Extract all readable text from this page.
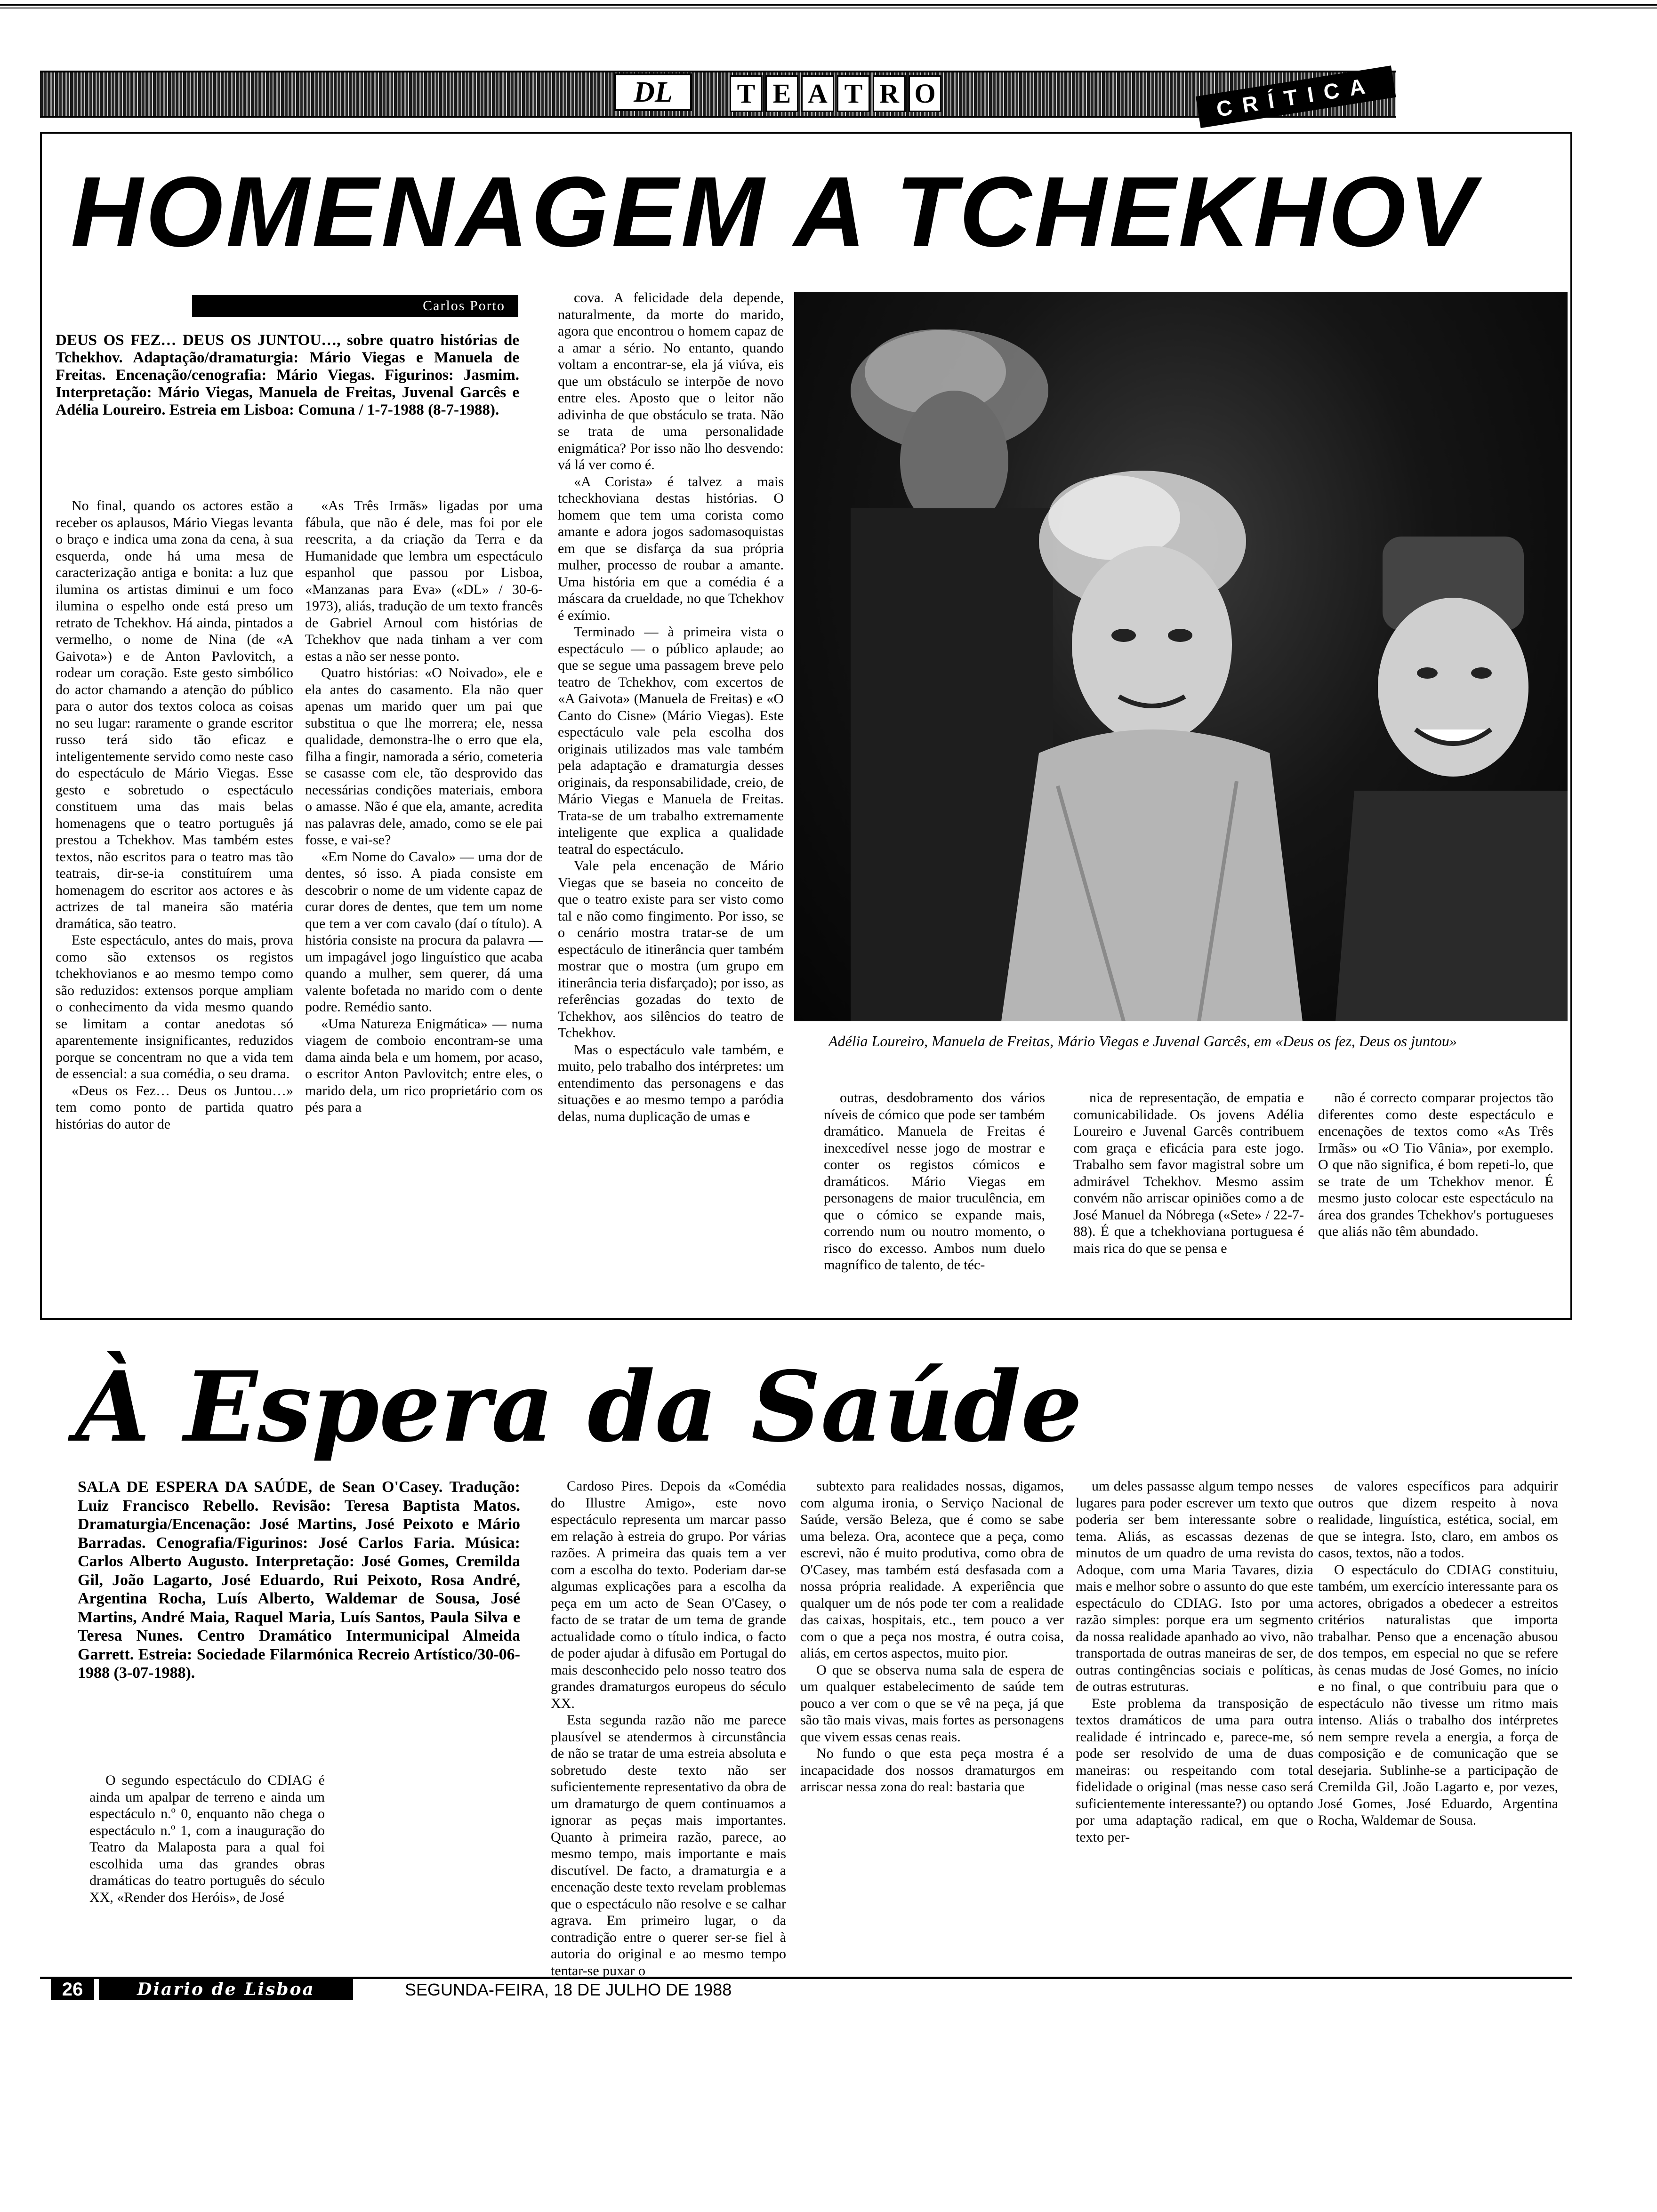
DL	T E A T R O	CRÍTICA
HOMENAGEM A TCHEKHOV
Carlos Porto
DEUS OS FEZ… DEUS OS JUNTOU…, sobre quatro histórias de Tchekhov. Adaptação/dramaturgia: Mário Viegas e Manuela de Freitas. Encenação/cenografia: Mário Viegas. Figurinos: Jasmim. Interpretação: Mário Viegas, Manuela de Freitas, Juvenal Garcês e Adélia Loureiro. Estreia em Lisboa: Comuna / 1-7-1988 (8-7-1988).

No final, quando os actores estão a receber os aplausos, Mário Viegas levanta o braço e indica uma zona da cena, à sua esquerda, onde há uma mesa de caracterização antiga e bonita: a luz que ilumina os artistas diminui e um foco ilumina o espelho onde está preso um retrato de Tchekhov. Há ainda, pintados a vermelho, o nome de Nina (de «A Gaivota») e de Anton Pavlovitch, a rodear um coração. Este gesto simbólico do actor chamando a atenção do público para o autor dos textos coloca as coisas no seu lugar: raramente o grande escritor russo terá sido tão eficaz e inteligentemente servido como neste caso do espectáculo de Mário Viegas. Esse gesto e sobretudo o espectáculo constituem uma das mais belas homenagens que o teatro português já prestou a Tchekhov. Mas também estes textos, não escritos para o teatro mas tão teatrais, dir-se-ia constituírem uma homenagem do escritor aos actores e às actrizes de tal maneira são matéria dramática, são teatro.

Este espectáculo, antes do mais, prova como são extensos os registos tchekhovianos e ao mesmo tempo como são reduzidos: extensos porque ampliam o conhecimento da vida mesmo quando se limitam a contar anedotas só aparentemente insignificantes, reduzidos porque se concentram no que a vida tem de essencial: a sua comédia, o seu drama.

«Deus os Fez… Deus os Juntou…» tem como ponto de partida quatro histórias do autor de

«As Três Irmãs» ligadas por uma fábula, que não é dele, mas foi por ele reescrita, a da criação da Terra e da Humanidade que lembra um espectáculo espanhol que passou por Lisboa, «Manzanas para Eva» («DL» / 30-6-1973), aliás, tradução de um texto francês de Gabriel Arnoul com histórias de Tchekhov que nada tinham a ver com estas a não ser nesse ponto.

Quatro histórias: «O Noivado», ele e ela antes do casamento. Ela não quer apenas um marido quer um pai que substitua o que lhe morrera; ele, nessa qualidade, demonstra-lhe o erro que ela, filha a fingir, namorada a sério, cometeria se casasse com ele, tão desprovido das necessárias condições materiais, embora o amasse. Não é que ela, amante, acredita nas palavras dele, amado, como se ele pai fosse, e vai-se?

«Em Nome do Cavalo» — uma dor de dentes, só isso. A piada consiste em descobrir o nome de um vidente capaz de curar dores de dentes, que tem um nome que tem a ver com cavalo (daí o título). A história consiste na procura da palavra — um impagável jogo linguístico que acaba quando a mulher, sem querer, dá uma valente bofetada no marido com o dente podre. Remédio santo.

«Uma Natureza Enigmática» — numa viagem de comboio encontram-se uma dama ainda bela e um homem, por acaso, o escritor Anton Pavlovitch; entre eles, o marido dela, um rico proprietário com os pés para a

cova. A felicidade dela depende, naturalmente, da morte do marido, agora que encontrou o homem capaz de a amar a sério. No entanto, quando voltam a encontrar-se, ela já viúva, eis que um obstáculo se interpõe de novo entre eles. Aposto que o leitor não adivinha de que obstáculo se trata. Não se trata de uma personalidade enigmática? Por isso não lho desvendo: vá lá ver como é.

«A Corista» é talvez a mais tcheckhoviana destas histórias. O homem que tem uma corista como amante e adora jogos sadomasoquistas em que se disfarça da sua própria mulher, processo de roubar a amante. Uma história em que a comédia é a máscara da crueldade, no que Tchekhov é exímio.

Terminado — à primeira vista o espectáculo — o público aplaude; ao que se segue uma passagem breve pelo teatro de Tchekhov, com excertos de «A Gaivota» (Manuela de Freitas) e «O Canto do Cisne» (Mário Viegas). Este espectáculo vale pela escolha dos originais utilizados mas vale também pela adaptação e dramaturgia desses originais, da responsabilidade, creio, de Mário Viegas e Manuela de Freitas. Trata-se de um trabalho extremamente inteligente que explica a qualidade teatral do espectáculo.

Vale pela encenação de Mário Viegas que se baseia no conceito de que o teatro existe para ser visto como tal e não como fingimento. Por isso, se o cenário mostra tratar-se de um espectáculo de itinerância quer também mostrar que o mostra (um grupo em itinerância teria disfarçado); por isso, as referências gozadas do texto de Tchekhov, aos silêncios do teatro de Tchekhov.

Mas o espectáculo vale também, e muito, pelo trabalho dos intérpretes: um entendimento das personagens e das situações e ao mesmo tempo a paródia delas, numa duplicação de umas e

outras, desdobramento dos vários níveis de cómico que pode ser também dramático. Manuela de Freitas é inexcedível nesse jogo de mostrar e conter os registos cómicos e dramáticos. Mário Viegas em personagens de maior truculência, em que o cómico se expande mais, correndo num ou noutro momento, o risco do excesso. Ambos num duelo magnífico de talento, de téc-

nica de representação, de empatia e comunicabilidade. Os jovens Adélia Loureiro e Juvenal Garcês contribuem com graça e eficácia para este jogo. Trabalho sem favor magistral sobre um admirável Tchekhov. Mesmo assim convém não arriscar opiniões como a de José Manuel da Nóbrega («Sete» / 22-7-88). É que a tchekhoviana portuguesa é mais rica do que se pensa e

não é correcto comparar projectos tão diferentes como deste espectáculo e encenações de textos como «As Três Irmãs» ou «O Tio Vânia», por exemplo. O que não significa, é bom repeti-lo, que se trate de um Tchekhov menor. É mesmo justo colocar este espectáculo na área dos grandes Tchekhov's portugueses que aliás não têm abundado.

Adélia Loureiro, Manuela de Freitas, Mário Viegas e Juvenal Garcês, em «Deus os fez, Deus os juntou»
À Espera da Saúde
SALA DE ESPERA DA SAÚDE, de Sean O'Casey. Tradução: Luiz Francisco Rebello. Revisão: Teresa Baptista Matos. Dramaturgia/Encenação: José Martins, José Peixoto e Mário Barradas. Cenografia/Figurinos: José Carlos Faria. Música: Carlos Alberto Augusto. Interpretação: José Gomes, Cremilda Gil, João Lagarto, José Eduardo, Rui Peixoto, Rosa André, Argentina Rocha, Luís Alberto, Waldemar de Sousa, José Martins, André Maia, Raquel Maria, Luís Santos, Paula Silva e Teresa Nunes. Centro Dramático Intermunicipal Almeida Garrett. Estreia: Sociedade Filarmónica Recreio Artístico/30-06-1988 (3-07-1988).

O segundo espectáculo do CDIAG é ainda um apalpar de terreno e ainda um espectáculo n.º 0, enquanto não chega o espectáculo n.º 1, com a inauguração do Teatro da Malaposta para a qual foi escolhida uma das grandes obras dramáticas do teatro português do século XX, «Render dos Heróis», de José

Cardoso Pires. Depois da «Comédia do Illustre Amigo», este novo espectáculo representa um marcar passo em relação à estreia do grupo. Por várias razões. A primeira das quais tem a ver com a escolha do texto. Poderiam dar-se algumas explicações para a escolha da peça em um acto de Sean O'Casey, o facto de se tratar de um tema de grande actualidade como o título indica, o facto de poder ajudar à difusão em Portugal do mais desconhecido pelo nosso teatro dos grandes dramaturgos europeus do século XX.

Esta segunda razão não me parece plausível se atendermos à circunstância de não se tratar de uma estreia absoluta e sobretudo deste texto não ser suficientemente representativo da obra de um dramaturgo de quem continuamos a ignorar as peças mais importantes. Quanto à primeira razão, parece, ao mesmo tempo, mais importante e mais discutível. De facto, a dramaturgia e a encenação deste texto revelam problemas que o espectáculo não resolve e se calhar agrava. Em primeiro lugar, o da contradição entre o querer ser-se fiel à autoria do original e ao mesmo tempo tentar-se puxar o

subtexto para realidades nossas, digamos, com alguma ironia, o Serviço Nacional de Saúde, versão Beleza, que é como se sabe uma beleza. Ora, acontece que a peça, como escrevi, não é muito produtiva, como obra de O'Casey, mas também está desfasada com a nossa própria realidade. A experiência que qualquer um de nós pode ter com a realidade das caixas, hospitais, etc., tem pouco a ver com o que a peça nos mostra, é outra coisa, aliás, em certos aspectos, muito pior.

O que se observa numa sala de espera de um qualquer estabelecimento de saúde tem pouco a ver com o que se vê na peça, já que são tão mais vivas, mais fortes as personagens que vivem essas cenas reais.

No fundo o que esta peça mostra é a incapacidade dos nossos dramaturgos em arriscar nessa zona do real: bastaria que

um deles passasse algum tempo nesses lugares para poder escrever um texto que poderia ser bem interessante sobre o tema. Aliás, as escassas dezenas de minutos de um quadro de uma revista do Adoque, com uma Maria Tavares, dizia mais e melhor sobre o assunto do que este espectáculo do CDIAG. Isto por uma razão simples: porque era um segmento da nossa realidade apanhado ao vivo, não transportada de outras maneiras de ser, de outras contingências sociais e políticas, de outras estruturas.

Este problema da transposição de textos dramáticos de uma para outra realidade é intrincado e, parece-me, só pode ser resolvido de uma de duas maneiras: ou respeitando com total fidelidade o original (mas nesse caso será suficientemente interessante?) ou optando por uma adaptação radical, em que o texto per-

de valores específicos para adquirir outros que dizem respeito à nova realidade, linguística, estética, social, em que se integra. Isto, claro, em ambos os casos, textos, não a todos.

O espectáculo do CDIAG constituiu, também, um exercício interessante para os actores, obrigados a obedecer a estreitos critérios naturalistas que importa trabalhar. Penso que a encenação abusou dos tempos, em especial no que se refere às cenas mudas de José Gomes, no início e no final, o que contribuiu para que o espectáculo não tivesse um ritmo mais intenso. Aliás o trabalho dos intérpretes nem sempre revela a energia, a força de composição e de comunicação que se desejaria. Sublinhe-se a participação de Cremilda Gil, João Lagarto e, por vezes, José Gomes, José Eduardo, Argentina Rocha, Waldemar de Sousa.

26	Diario de Lisboa	SEGUNDA-FEIRA, 18 DE JULHO DE 1988
